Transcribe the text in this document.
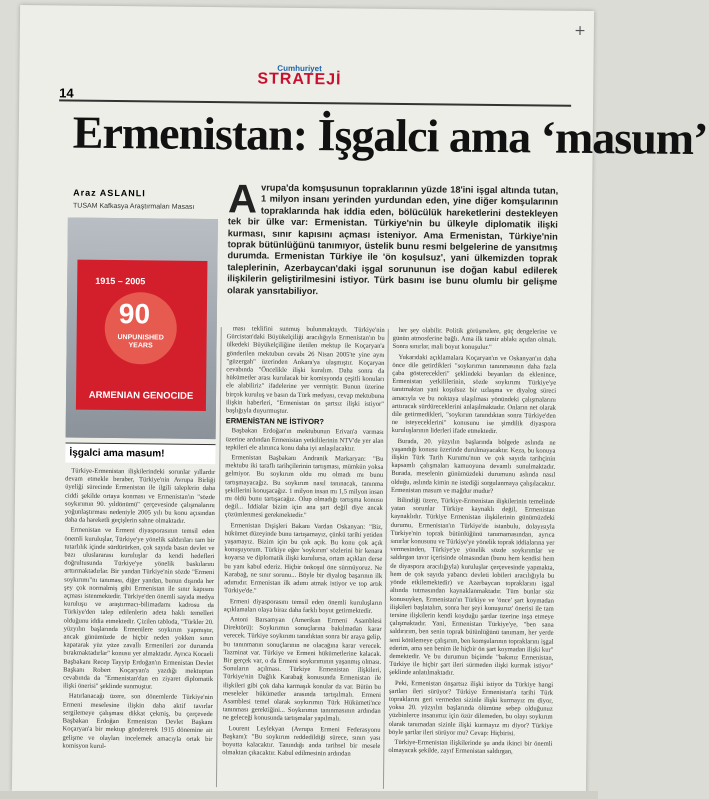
+
Cumhuriyet
STRATEJİ
14
Ermenistan: İşgalci ama ‘masum’
Araz ASLANLI
TUSAM Kafkasya Araştırmaları Masası A vrupa'da komşusunun topraklarının yüzde 18'ini işgal altında tutan, 1 milyon insanı yerinden yurdundan eden, yine diğer komşularının topraklarında hak iddia eden, bölücülük hareketlerini destekleyen tek bir ülke var: Ermenistan. Türkiye'nin bu ülkeyle diplomatik ilişki kurması, sınır kapısını açması isteniyor. Ama Ermenistan, Türkiye'nin toprak bütünlüğünü tanımıyor, üstelik bunu resmi belgelerine de yansıtmış durumda. Ermenistan Türkiye ile 'ön koşulsuz', yani ülkemizden toprak taleplerinin, Azerbaycan'daki işgal sorununun ise doğan kabul edilerek ilişkilerin geliştirilmesini istiyor. Türk basını ise bunu olumlu bir gelişme olarak yansıtabiliyor.
1915 – 2005
90
UNPUNISHED YEARS
ARMENIAN GENOCIDE
İşgalci ama masum!

Türkiye-Ermenistan ilişkilerindeki sorunlar yıllardır devam etmekle beraber, Türkiye'nin Avrupa Birliği üyeliği sürecinde Ermenistan ile ilgili taleplerin daha ciddi şekilde ortaya konması ve Ermenistan'ın "sözde soykırımın 90. yıldönümü" çerçevesinde çalışmalarını yoğunlaştırması nedeniyle 2005 yılı bu konu açısından daha da hareketli geçişlerin sahne olmaktadır.

Ermenistan ve Ermeni diyasporasının temsil eden önemli kuruluşlar, Türkiye'ye yönelik saldırıları tam bir tutarlılık içinde sürdürürken, çok sayıda basın devlet ve bazı uluslararası kuruluşlar da kendi hedefleri doğrultusunda Türkiye'ye yönelik baskılarını arttırmaktadırlar. Bir yandan Türkiye'nin sözde "Ermeni soykırımı"nı tanıması, diğer yandan, bunun dışında her şey çok normalmiş gibi Ermenistan ile sınır kapısını açması istenmektedir. Türkiye'den önemli sayıda medya kuruluşu ve araştırmacı-bilimadamı kadrosu da Türkiye'den talep edilenlerin adeta haklı temelleri olduğunu iddia etmektedir. Çizilen tabloda, "Türkler 20. yüzyılın başlarında Ermenilere soykırım yapmıştır, ancak günümüzde de hiçbir neden yokken sınırı kapatarak yüz yüze zavallı Ermenileri zor durumda bırakmaktadırlar" konusu yer almaktadır. Ayrıca Kocaeli Başbakanı Recep Tayyip Erdoğan'ın Ermenistan Devlet Başkanı Robert Koçaryan'a yazdığı mektuptan cevabında da "Ermenistan'dan en ziyaret diplomatik ilişki önerisi" şeklinde sunmuştur.

Hatırlanacağı üzere, son dönemlerde Türkiye'nin Ermeni meselesine ilişkin daha aktif tavırlar sergilemeye çalışması dikkat çekmiş, bu çerçevede Başbakan Erdoğan Ermenistan Devlet Başkanı Koçaryan'a bir mektup göndererek 1915 dönemine ait gelişme ve olayları incelemek amacıyla ortak bir komisyon kurul-

ması teklifini sunmuş bulunmaktaydı. Türkiye'nin Gürcistan'daki Büyükelçiliği aracılığıyla Ermenistan'ın bu ülkedeki Büyükelçiliğine iletilen mektup ile Koçaryan'a gönderilen mektubun cevabı 26 Nisan 2005'te yine aynı "güzergah" üzerinden Ankara'ya ulaşmıştır. Koçaryan cevabında "Öncelikle ilişki kuralım. Daha sonra da hükümetler arası kurulacak bir komisyonda çeşitli konuları ele alabiliriz" ifadelerine yer vermiştir. Bunun üzerine birçok kuruluş ve basın da Türk medyası, cevap mektubuna ilişkin haberleri, "Ermenistan ön şartsız ilişki istiyor" başlığıyla duyurmuştur.

ERMENİSTAN NE İSTİYOR?

Başbakan Erdoğan'ın mektubunun Erivan'a varması üzerine ardından Ermenistan yetkililerinin NTV'de yer alan tepkileri ele alınınca konu daha iyi anlaşılacaktır.

Ermenistan Başbakanı Andranik Markaryan: "Bu mektubu iki taraflı tarihçilerinin tartışması, mümkün yoksa gelmiyor. Bu soykırım oldu mu olmadı mı bunu tartışmayacağız. Bu soykırım nasıl tanınacak, tanınma şekillerini konuşacağız. 1 milyon insan mı 1,5 milyon insan mı öldü bunu tartışacağız. Olup olmadığı tartışma konusu değil... İddialar bizim için ana şart değil diye ancak çözümlenmesi gerekmektedir."

Ermenistan Dışişleri Bakanı Vardan Oskanyan: "Biz, hükümet düzeyinde bunu tartışamayız, çünkü tarihi yetiden yaşamayız. Bizim için bu çok açık. Bu konu çok açık konuşuyorum. Türkiye eğer 'soykırım' sözlerini bir kenara koyarsa ve diplomatik ilişki kurulursa, ortam açıkları derse bu yanı kabul ederiz. Hiçbir önkoşul öne sürmüyoruz. Ne Karabağ, ne sınır sorunu... Böyle bir diyalog başarının ilk adımıdır. Ermenistan ilk adımı atmak istiyor ve top artık Türkiye'de."

Ermeni diyasporasını temsil eden önemli kuruluşların açıklamaları olaya biraz daha farklı boyut getirmektedir.

Antoni Barsamyan (Amerikan Ermeni Asamblesi Direktörü): Soykırımın sonuçlarına bakılmadan karar verecek. Türkiye soykırımı tanıdıktan sonra bir araya gelip, bu tanınmanın sonuçlarının ne olacağına karar verecek. Tazminat var. Türkiye ve Ermeni hükümetlerine kalacak. Bir gerçek var, o da Ermeni soykırımının yaşanmış olması. Sonuların açılması. Türkiye Ermenistan ilişkileri, Türkiye'nin Dağlık Karabağ konusunda Ermenistan ile ilişkileri gibi çok daha karmaşık konular da var. Bütün bu meseleler hükümetler arasında tartışılmalı. Ermeni Asamblesi temel olarak soykırımın Türk Hükümeti'nce tanınması gerektiğini... Soykırımın tanınmasının ardından ne geleceği konusunda tartışmalar yapılmalı.

Lourent Leylekyan (Avrupa Ermeni Federasyonu Başkanı): "Bu soykırım reddedildiği sürece, sınırı yası boyutta kalacaktır. Tanındığı anda tarihsel bir mesele olmaktan çıkacaktır. Kabul edilmesinin ardından

her şey olabilir. Politik görüşmelere, güç dengelerine ve günün atmosferine bağlı. Ama ilk tamir ablakı açıdan olmalı. Sonra sınırlar, mali boyut konuşulur."

Yukarıdaki açıklamalara Koçaryan'ın ve Oskanyan'ın daha önce dile getirdikleri "soykırımın tanınmasının daha fazla çaba gösterecekleri" şeklindeki beyanları da eklenince, Ermenistan yetkililerinin, sözde soykırımı Türkiye'ye tanıtmaktan yani koşulsuz bir uzlaşma ve diyalog süreci amacıyla ve bu noktaya ulaşılması yönündeki çalışmalarını arttıracak sürdüreceklerini anlaşılmaktadır. Onların net olarak dile getirmedikleri, "soykırım tanındıktan sonra Türkiye'den ne isteyeceklerini" konusunu ise şimdilik diyaspora kuruluşlarının liderleri ifade etmektedir.

Burada, 20. yüzyılın başlarında bölgede aslında ne yaşandığı konusu üzerinde durulmayacaktır. Keza, bu konuya ilişkin Türk Tarih Kurumu'nun ve çok sayıda tarihçinin kapsamlı çalışmaları kamuoyuna devamlı sunulmaktadır. Burada, meselenin günümüzdeki durumunu aslında nasıl olduğu, aslında kimin ne istediği sorgulanmaya çalışılacaktır. Ermenistan masum ve mağdur mudur?

Bilindiği üzere, Türkiye-Ermenistan ilişkilerinin temelinde yatan sorunlar Türkiye kaynaklı değil, Ermenistan kaynaklıdır. Türkiye Ermenistan ilişkilerinin günümüzdeki durumu, Ermenistan'ın Türkiye'de istanbulu, dolayısıyla Türkiye'nin toprak bütünlüğünü tanımamasından, ayrıca sınırlar konusunu ve Türkiye'ye yönelik toprak iddialarına yer vermesinden, Türkiye'ye yönelik sözde soykırımlar ve saldırgan tavır içerisinde olmasından (bunu hem kendisi hem de diyaspora aracılığıyla) kuruluşlar çerçevesinde yapmakta, hem de çok sayıda yabancı devleti lobileri aracılığıyla bu yönde etkilemektedir) ve Azerbaycan topraklarını işgal altında tutmasından kaynaklanmaktadır. Tüm bunlar söz konusuyken, Ermenistan'ın Türkiye ve 'önce' şart koymadan ilişkileri başlatalım, sonra her şeyi konuşuruz' önerisi ile tam tersine ilişkilerin kendi koyduğu şartlar üzerine inşa etmeye çalışmaktadır. Yani, Ermenistan Türkiye'ye, "ben sana saldırırım, ben senin toprak bütünlüğünü tanımam, her yerde seni kötülemeye çalışırım, ben komşularının topraklarını işgal ederim, ama sen benim ile hiçbir ön şart koymadan ilişki kur" demektedir. Ve bu durumun biçimde "bakınız Ermenistan, Türkiye ile hiçbir şart ileri sürmeden ilişki kurmak istiyor" şeklinde anlatılmaktadır.

Peki, Ermenistan önşartsız ilişki istiyor da Türkiye hangi şartları ileri sürüyor? Türkiye Ermenistan'a tarihi Türk topraklarını geri vermeden sizinle ilişki kurmayız mı diyor, yoksa 20. yüzyılın başlarında ölümüne sebep olduğunuz yüzbinlerce insanımız için özür dilemeden, bu olayı soykırım olarak tanımadan sizinle ilişki kurmayız mı diyor? Türkiye böyle şartlar ileri sürüyor mu? Cevap: Hiçbirisi.

Türkiye-Ermenistan ilişkilerinde şu anda ikinci bir önemli olmayacak şekilde, zayıf Ermenistan saldırgan,
